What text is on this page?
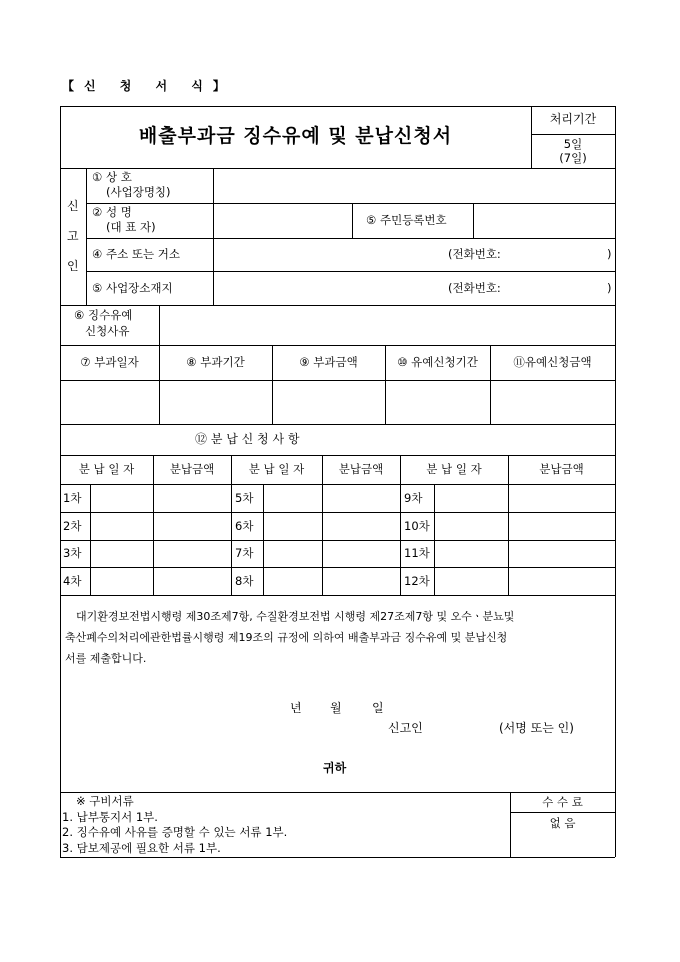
【신 청 서 식】
배출부과금 징수유예 및 분납신청서
처리기간
5일
(7일)
신
고
인
① 상 호
(사업장명칭)
② 성 명
(대 표 자)	⑤ 주민등록번호
④ 주소 또는 거소	(전화번호:	)
⑤ 사업장소재지	(전화번호:	)
⑥ 징수유예
신청사유
⑦ 부과일자	⑧ 부과기간	⑨ 부과금액	⑩ 유예신청기간	⑪유예신청금액
⑫ 분 납 신 청 사 항
분 납 일 자	분납금액	분 납 일 자	분납금액	분 납 일 자	분납금액
1차	5차	9차
2차	6차	10차
3차	7차	11차
4차	8차	12차
대기환경보전법시행령 제30조제7항, 수질환경보전법 시행령 제27조제7항 및 오수ㆍ분뇨및
축산폐수의처리에관한법률시행령 제19조의 규정에 의하여 배출부과금 징수유예 및 분납신청
서를 제출합니다.
년 월	일
신고인	(서명 또는 인)
귀하
※ 구비서류
1. 납부통지서 1부.
2. 징수유예 사유를 증명할 수 있는 서류 1부.
3. 담보제공에 필요한 서류 1부.
수 수 료
없 음
